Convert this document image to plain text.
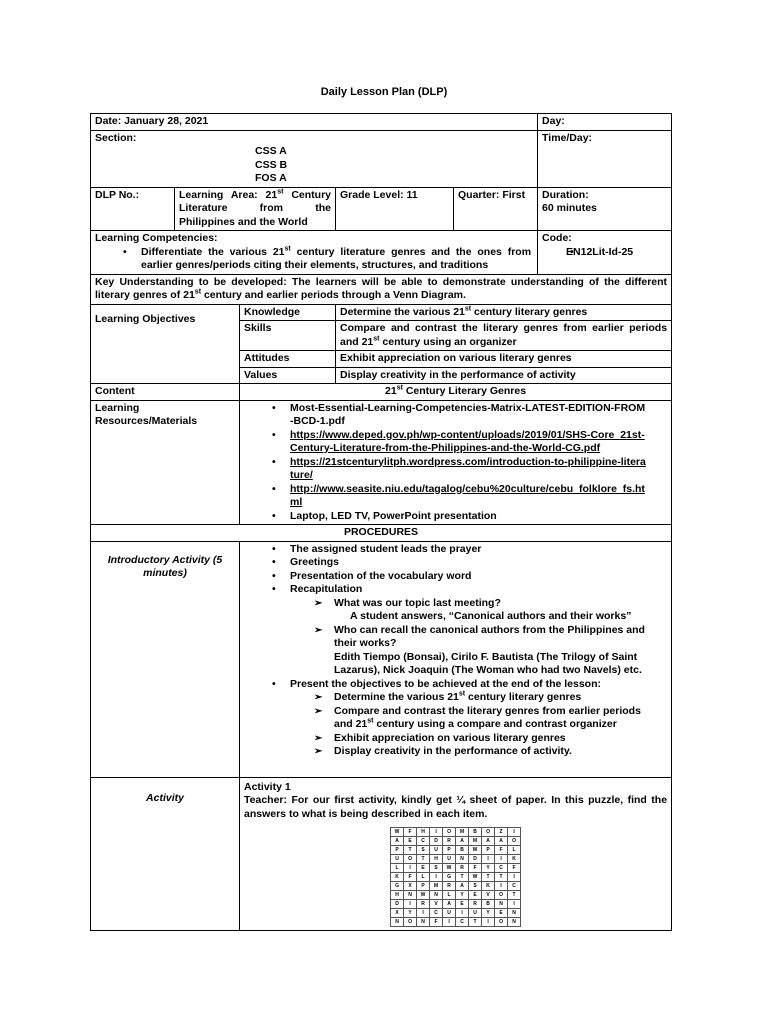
Daily Lesson Plan (DLP)
Date: January 28, 2021	Day:

Section:
CSS A
CSS B
FOS A
	Time/Day:
DLP No.:	Learning Area: 21st Century Literature from the Philippines and the World	Grade Level: 11	Quarter: First	Duration:
60 minutes

Learning Competencies:
• Differentiate the various 21st century literature genres and the ones from earlier genres/periods citing their elements, structures, and traditions

Code:
• EN12Lit-Id-25

Key Understanding to be developed: The learners will be able to demonstrate understanding of the different literary genres of 21st century and earlier periods through a Venn Diagram.
Learning Objectives	Knowledge	Determine the various 21st century literary genres
Skills	Compare and contrast the literary genres from earlier periods and 21st century using an organizer
Attitudes	Exhibit appreciation on various literary genres
Values	Display creativity in the performance of activity
Content	21st Century Literary Genres
Learning Resources/Materials	
• Most-Essential-Learning-Competencies-Matrix-LATEST-EDITION-FROM-BCD-1.pdf
• https://www.deped.gov.ph/wp-content/uploads/2019/01/SHS-Core_21st-Century-Literature-from-the-Philippines-and-the-World-CG.pdf
• https://21stcenturylitph.wordpress.com/introduction-to-philippine-literature/
• http://www.seasite.niu.edu/tagalog/cebu%20culture/cebu_folklore_fs.html
• Laptop, LED TV, PowerPoint presentation

PROCEDURES
Introductory Activity (5 minutes)	
• The assigned student leads the prayer
• Greetings
• Presentation of the vocabulary word
• Recapitulation
➢ What was our topic last meeting?
A student answers, “Canonical authors and their works”
➢ Who can recall the canonical authors from the Philippines and their works?
Edith Tiempo (Bonsai), Cirilo F. Bautista (The Trilogy of Saint Lazarus), Nick Joaquin (The Woman who had two Navels) etc.
• Present the objectives to be achieved at the end of the lesson:
➢ Determine the various 21st century literary genres
➢ Compare and contrast the literary genres from earlier periods and 21st century using a compare and contrast organizer
➢ Exhibit appreciation on various literary genres
➢ Display creativity in the performance of activity.

Activity	
Activity 1
Teacher: For our first activity, kindly get ¼ sheet of paper. In this puzzle, find the answers to what is being described in each item.
W	F	H	I	O	M	B	O	Z	I
A	E	C	D	R	A	M	A	A	O
P	T	S	U	P	B	W	P	F	L
U	O	T	H	U	N	D	I	I	K
L	I	E	S	W	R	F	Y	C	F
K	F	L	I	G	T	W	T	T	I
G	X	P	M	R	A	S	K	I	C
H	N	W	N	L	Y	E	V	O	T
D	I	R	V	A	E	R	B	N	I
X	Y	I	C	U	I	U	Y	E	N
N	O	N	F	I	C	T	I	O	N
